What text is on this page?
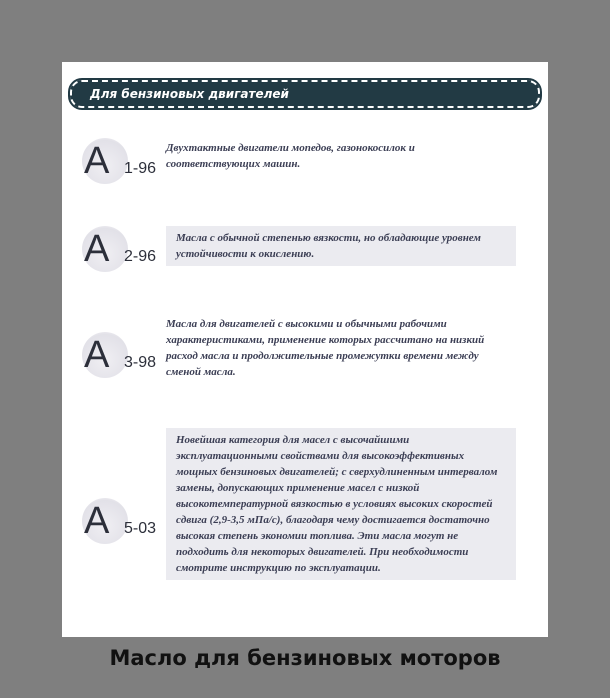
Для бензиновых двигателей
A 1-96
Двухтактные двигатели мопедов, газонокосилок и соответствующих машин.
A 2-96
Масла с обычной степенью вязкости, но обладающие уровнем устойчивости к окислению.
A 3-98
Масла для двигателей с высокими и обычными рабочими характеристиками, применение которых рассчитано на низкий расход масла и продолжительные промежутки времени между сменой масла.
A 5-03
Новейшая категория для масел с высочайшими эксплуатационными свойствами для высокоэффективных мощных бензиновых двигателей; с сверхудлиненным интервалом замены, допускающих применение масел с низкой высокотемпературной вязкостью в условиях высоких скоростей сдвига (2,9-3,5 мПа/с), благодаря чему достигается достаточно высокая степень экономии топлива. Эти масла могут не подходить для некоторых двигателей. При необходимости смотрите инструкцию по эксплуатации.
Масло для бензиновых моторов
